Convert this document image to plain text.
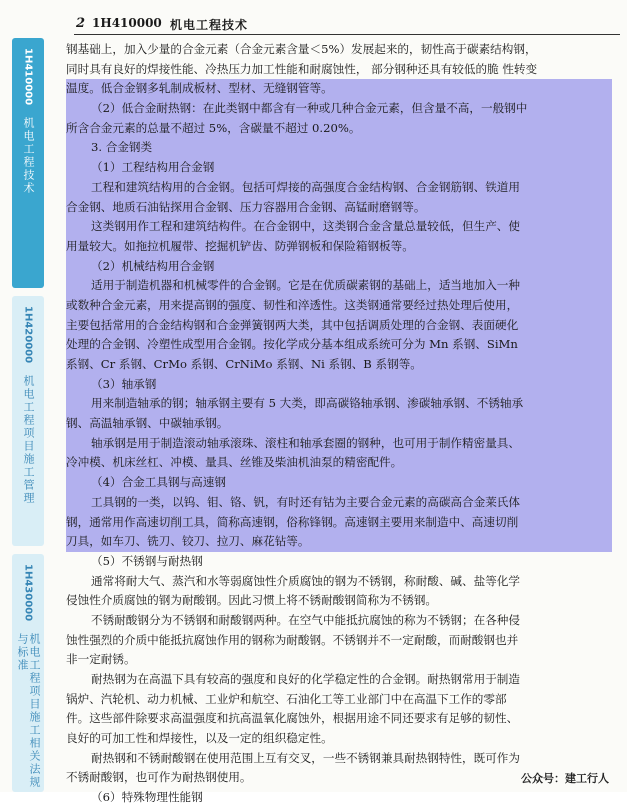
2 1H410000 机电工程技术
1H410000
机电工程技术
1H420000
机电工程项目施工管理
1H430000
机电工程项目施工相关法规与标准
钢基础上，加入少量的合金元素（合金元素含量＜5%）发展起来的，韧性高于碳素结构钢，
同时具有良好的焊接性能、冷热压力加工性能和耐腐蚀性， 部分钢种还具有较低的脆 性转变
温度。低合金钢多轧制成板材、型材、无缝钢管等。
（2）低合金耐热钢：在此类钢中都含有一种或几种合金元素，但含量不高，一般钢中
所含合金元素的总量不超过 5%，含碳量不超过 0.20%。
3. 合金钢类
（1）工程结构用合金钢
工程和建筑结构用的合金钢。包括可焊接的高强度合金结构钢、合金钢筋钢、铁道用
合金钢、地质石油钻探用合金钢、压力容器用合金钢、高锰耐磨钢等。
这类钢用作工程和建筑结构件。在合金钢中，这类钢合金含量总量较低，但生产、使
用量较大。如拖拉机履带、挖掘机铲齿、防弹钢板和保险箱钢板等。
（2）机械结构用合金钢
适用于制造机器和机械零件的合金钢。它是在优质碳素钢的基础上，适当地加入一种
或数种合金元素，用来提高钢的强度、韧性和淬透性。这类钢通常要经过热处理后使用，
主要包括常用的合金结构钢和合金弹簧钢两大类，其中包括调质处理的合金钢、表面硬化
处理的合金钢、冷塑性成型用合金钢。按化学成分基本组成系统可分为 Mn 系钢、SiMn
系钢、Cr 系钢、CrMo 系钢、CrNiMo 系钢、Ni 系钢、B 系钢等。
（3）轴承钢
用来制造轴承的钢；轴承钢主要有 5 大类，即高碳铬轴承钢、渗碳轴承钢、不锈轴承
钢、高温轴承钢、中碳轴承钢。
轴承钢是用于制造滚动轴承滚珠、滚柱和轴承套圈的钢种，也可用于制作精密量具、
冷冲模、机床丝杠、冲模、量具、丝锥及柴油机油泵的精密配件。
（4）合金工具钢与高速钢
工具钢的一类，以钨、钼、铬、钒，有时还有钴为主要合金元素的高碳高合金莱氏体
钢，通常用作高速切削工具，简称高速钢，俗称锋钢。高速钢主要用来制造中、高速切削
刀具，如车刀、铣刀、铰刀、拉刀、麻花钻等。
（5）不锈钢与耐热钢
通常将耐大气、蒸汽和水等弱腐蚀性介质腐蚀的钢为不锈钢，称耐酸、碱、盐等化学
侵蚀性介质腐蚀的钢为耐酸钢。因此习惯上将不锈耐酸钢简称为不锈钢。
不锈耐酸钢分为不锈钢和耐酸钢两种。在空气中能抵抗腐蚀的称为不锈钢；在各种侵
蚀性强烈的介质中能抵抗腐蚀作用的钢称为耐酸钢。不锈钢并不一定耐酸，而耐酸钢也并
非一定耐锈。
耐热钢为在高温下具有较高的强度和良好的化学稳定性的合金钢。耐热钢常用于制造
锅炉、汽轮机、动力机械、工业炉和航空、石油化工等工业部门中在高温下工作的零部
件。这些部件除要求高温强度和抗高温氧化腐蚀外，根据用途不同还要求有足够的韧性、
良好的可加工性和焊接性，以及一定的组织稳定性。
耐热钢和不锈耐酸钢在使用范围上互有交叉，一些不锈钢兼具耐热钢特性，既可作为
不锈耐酸钢，也可作为耐热钢使用。
（6）特殊物理性能钢
公众号：建工行人
